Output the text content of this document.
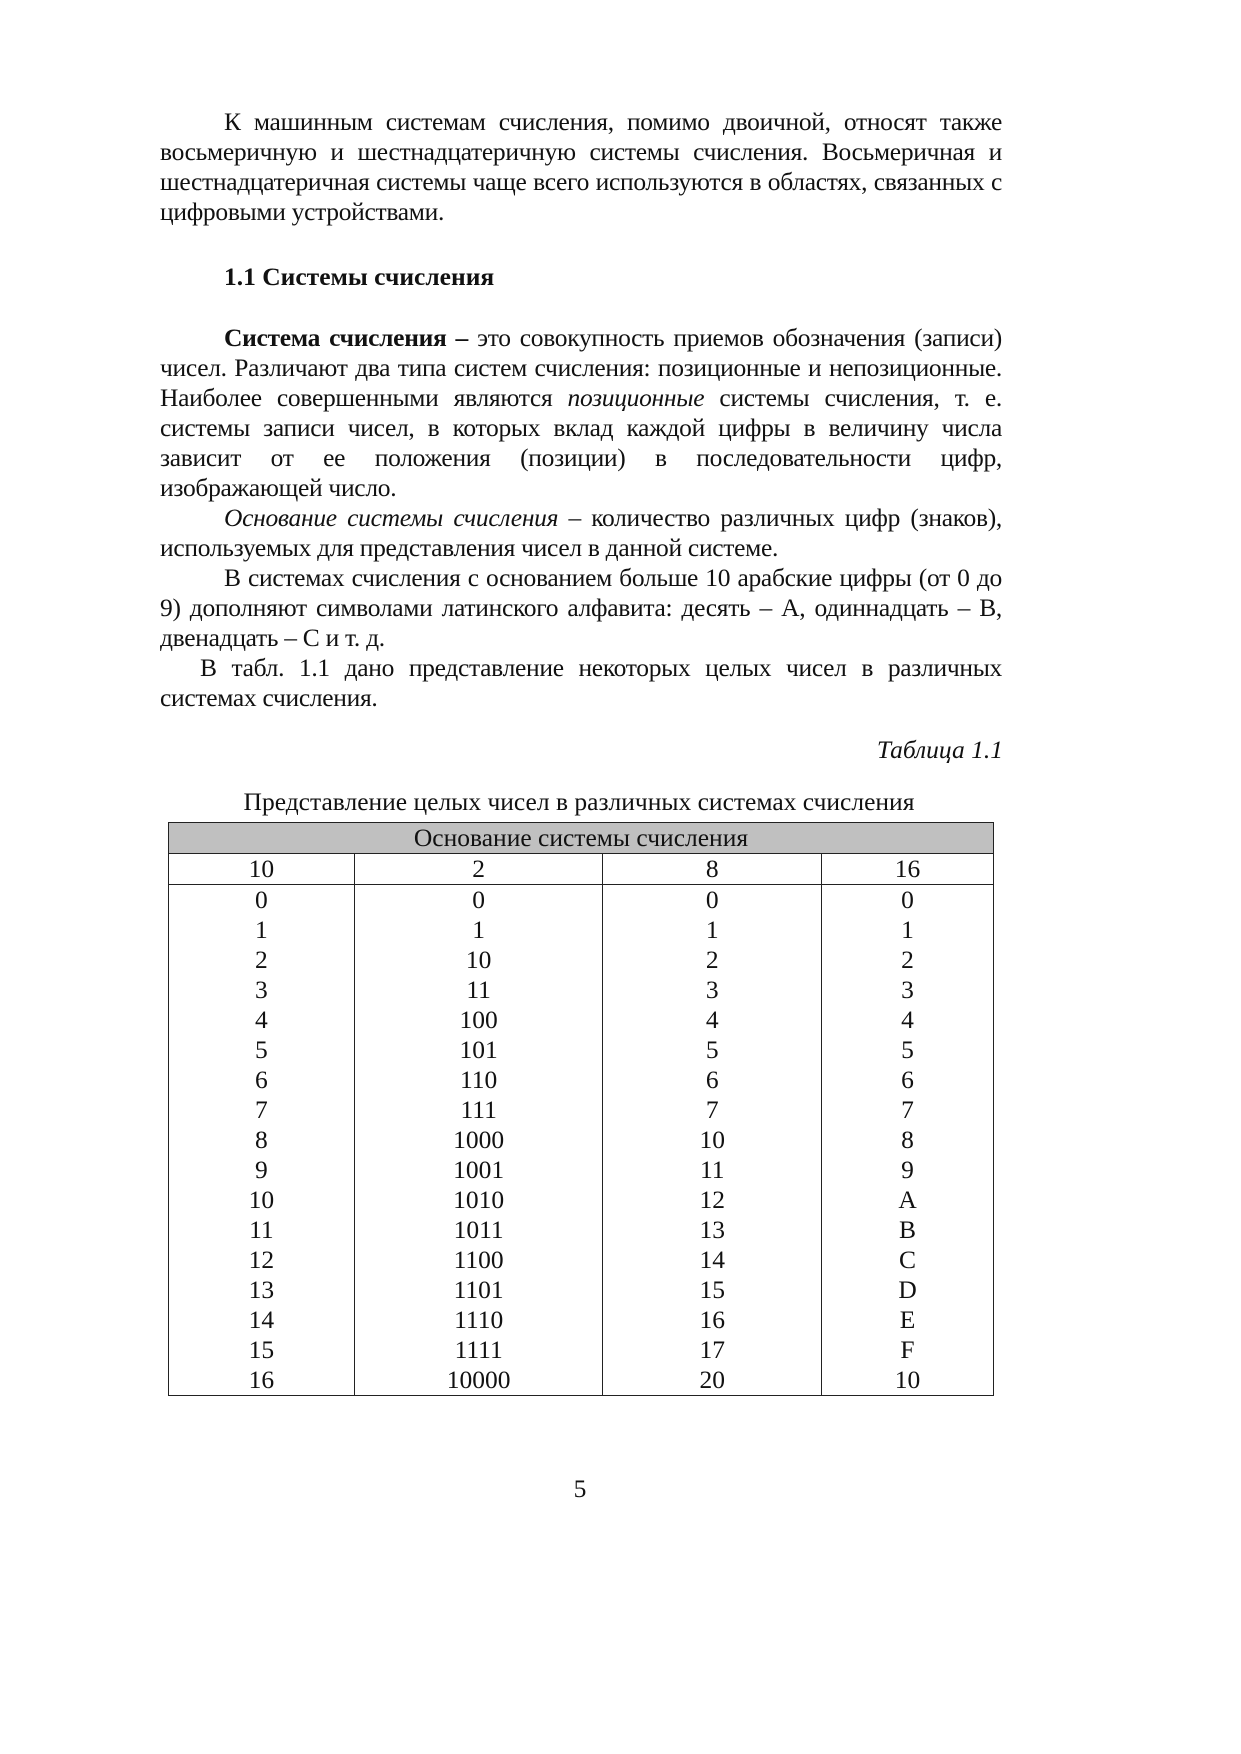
К машинным системам счисления, помимо двоичной, относят также восьмеричную и шестнадцатеричную системы счисления. Восьмеричная и шестнадцатеричная системы чаще всего используются в областях, связанных с цифровыми устройствами.

1.1 Системы счисления

Система счисления – это совокупность приемов обозначения (записи) чисел. Различают два типа систем счисления: позиционные и непозиционные. Наиболее совершенными являются позиционные системы счисления, т. е. системы записи чисел, в которых вклад каждой цифры в величину числа зависит от ее положения (позиции) в последовательности цифр, изображающей число.

Основание системы счисления – количество различных цифр (знаков), используемых для представления чисел в данной системе.

В системах счисления с основанием больше 10 арабские цифры (от 0 до 9) дополняют символами латинского алфавита: десять – A, одиннадцать – B, двенадцать – C и т. д.

В табл. 1.1 дано представление некоторых целых чисел в различных системах счисления.

Таблица 1.1
Представление целых чисел в различных системах счисления
Основание системы счисления			
10	2	8	16
0	0	0	0
1	1	1	1
2	10	2	2
3	11	3	3
4	100	4	4
5	101	5	5
6	110	6	6
7	111	7	7
8	1000	10	8
9	1001	11	9
10	1010	12	A
11	1011	13	B
12	1100	14	C
13	1101	15	D
14	1110	16	E
15	1111	17	F
16	10000	20	10
5
